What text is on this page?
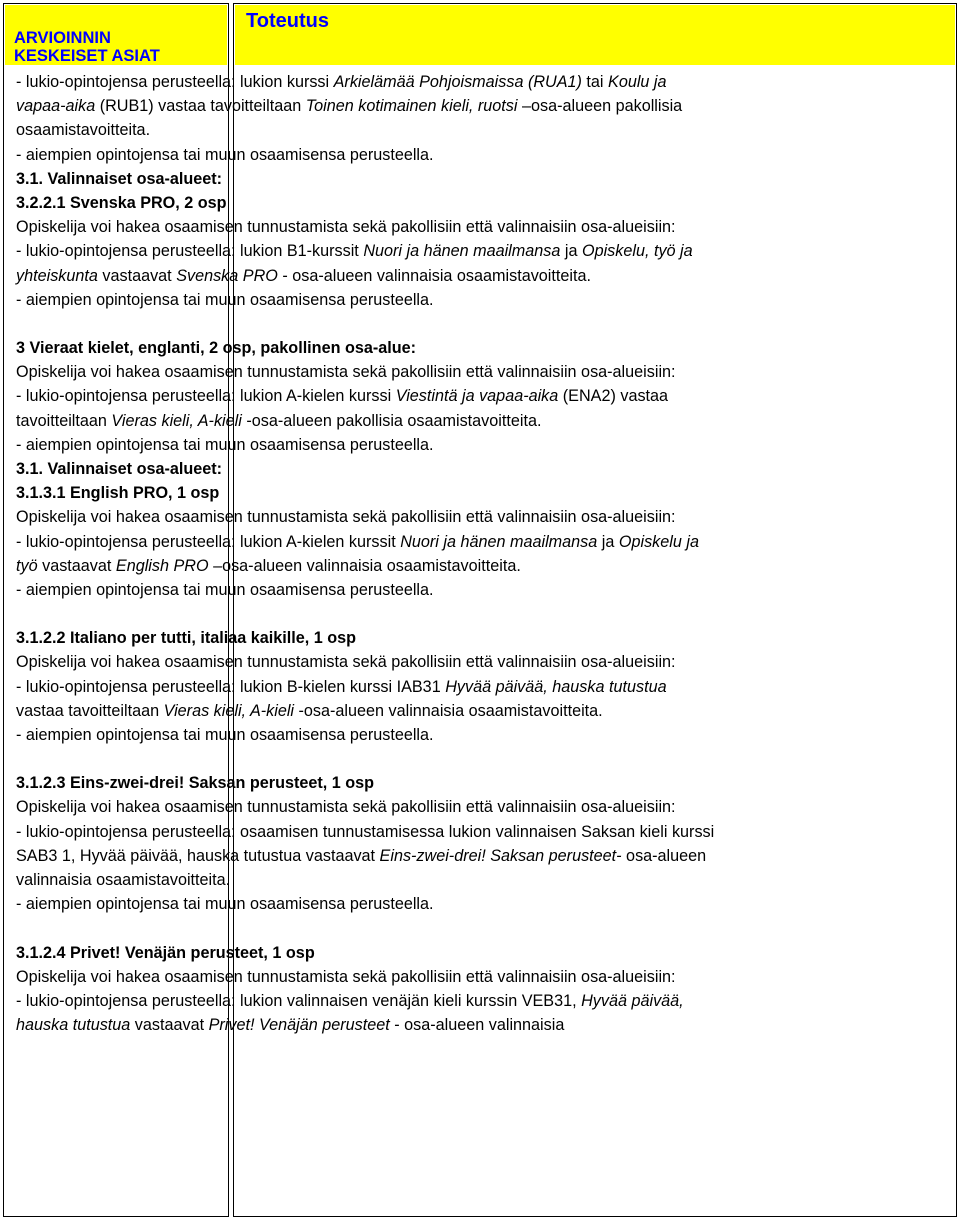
ARVIOINNIN
KESKEISET ASIAT
Toteutus

- lukio-opintojensa perusteella: lukion kurssi Arkielämää Pohjoismaissa (RUA1) tai Koulu ja vapaa-aika (RUB1) vastaa tavoitteiltaan Toinen kotimainen kieli, ruotsi –osa-alueen pakollisia osaamistavoitteita.

- aiempien opintojensa tai muun osaamisensa perusteella.

3.1. Valinnaiset osa-alueet:

3.2.2.1 Svenska PRO, 2 osp

Opiskelija voi hakea osaamisen tunnustamista sekä pakollisiin että valinnaisiin osa-alueisiin:

- lukio-opintojensa perusteella: lukion B1-kurssit Nuori ja hänen maailmansa ja Opiskelu, työ ja yhteiskunta vastaavat Svenska PRO - osa-alueen valinnaisia osaamistavoitteita.

- aiempien opintojensa tai muun osaamisensa perusteella.

3 Vieraat kielet, englanti, 2 osp, pakollinen osa-alue:

Opiskelija voi hakea osaamisen tunnustamista sekä pakollisiin että valinnaisiin osa-alueisiin:

- lukio-opintojensa perusteella: lukion A-kielen kurssi Viestintä ja vapaa-aika (ENA2) vastaa tavoitteiltaan Vieras kieli, A-kieli -osa-alueen pakollisia osaamistavoitteita.

- aiempien opintojensa tai muun osaamisensa perusteella.

3.1. Valinnaiset osa-alueet:

3.1.3.1 English PRO, 1 osp

Opiskelija voi hakea osaamisen tunnustamista sekä pakollisiin että valinnaisiin osa-alueisiin:

- lukio-opintojensa perusteella: lukion A-kielen kurssit Nuori ja hänen maailmansa ja Opiskelu ja työ vastaavat English PRO –osa-alueen valinnaisia osaamistavoitteita.

- aiempien opintojensa tai muun osaamisensa perusteella.

3.1.2.2 Italiano per tutti, italiaa kaikille, 1 osp

Opiskelija voi hakea osaamisen tunnustamista sekä pakollisiin että valinnaisiin osa-alueisiin:

- lukio-opintojensa perusteella: lukion B-kielen kurssi IAB31 Hyvää päivää, hauska tutustua vastaa tavoitteiltaan Vieras kieli, A-kieli -osa-alueen valinnaisia osaamistavoitteita.

- aiempien opintojensa tai muun osaamisensa perusteella.

3.1.2.3 Eins-zwei-drei! Saksan perusteet, 1 osp

Opiskelija voi hakea osaamisen tunnustamista sekä pakollisiin että valinnaisiin osa-alueisiin:

- lukio-opintojensa perusteella: osaamisen tunnustamisessa lukion valinnaisen Saksan kieli kurssi SAB3 1, Hyvää päivää, hauska tutustua vastaavat Eins-zwei-drei! Saksan perusteet- osa-alueen valinnaisia osaamistavoitteita.

- aiempien opintojensa tai muun osaamisensa perusteella.

3.1.2.4 Privet! Venäjän perusteet, 1 osp

Opiskelija voi hakea osaamisen tunnustamista sekä pakollisiin että valinnaisiin osa-alueisiin:

- lukio-opintojensa perusteella: lukion valinnaisen venäjän kieli kurssin VEB31, Hyvää päivää, hauska tutustua vastaavat Privet! Venäjän perusteet - osa-alueen valinnaisia
